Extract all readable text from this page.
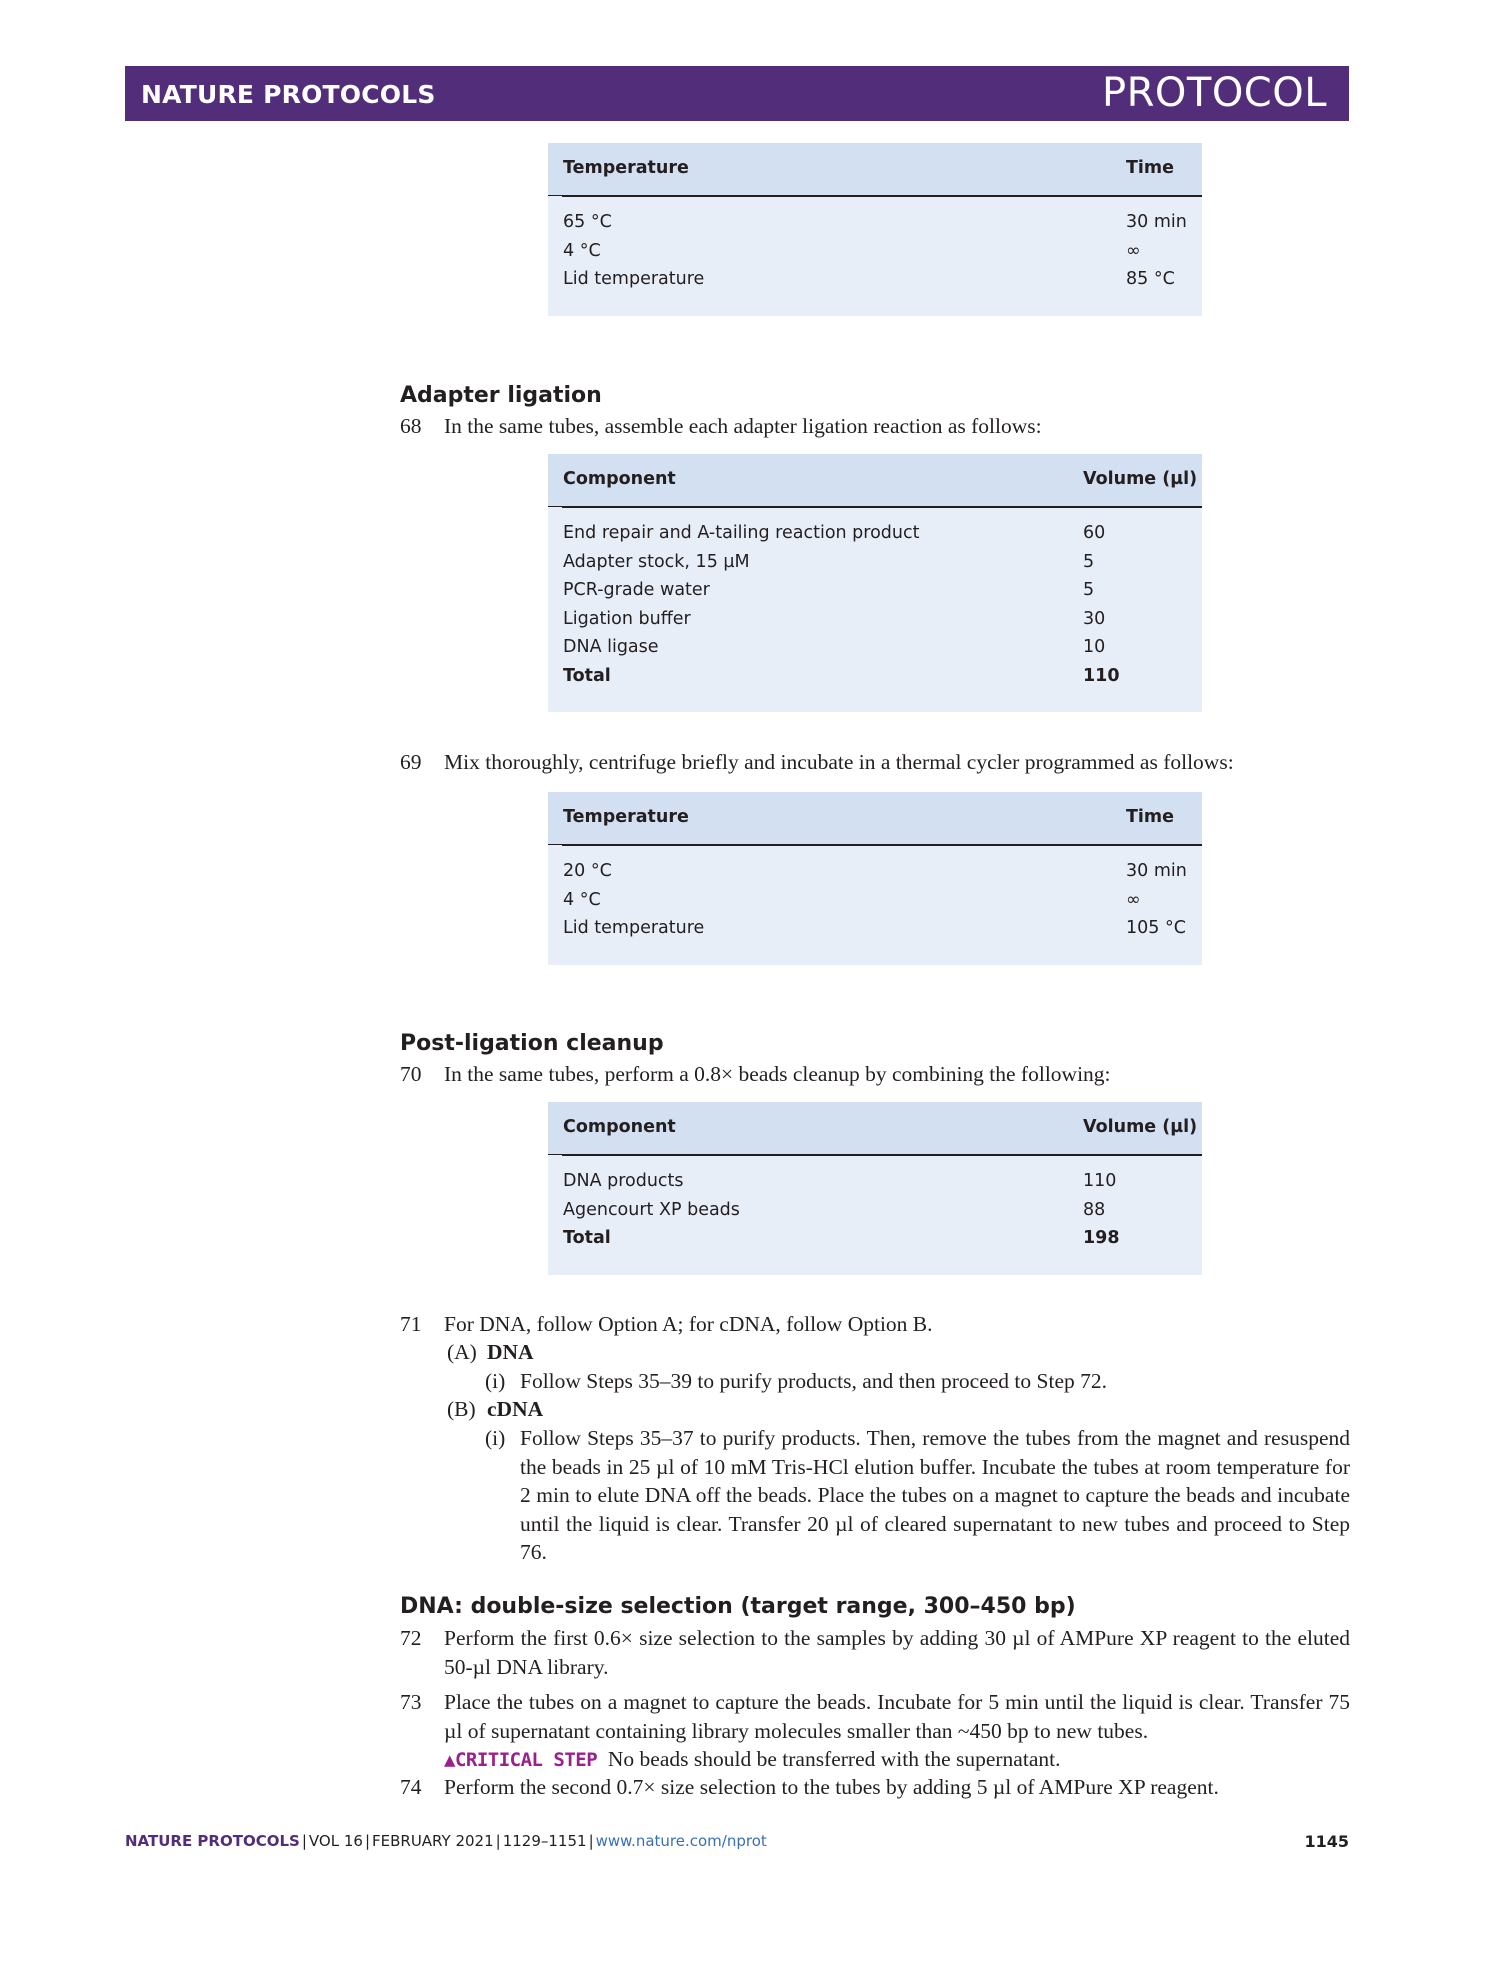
NATURE PROTOCOLS	PROTOCOL
Temperature	Time
65 °C	30 min
4 °C	∞
Lid temperature	85 °C
Adapter ligation
68 In the same tubes, assemble each adapter ligation reaction as follows:
Component	Volume (µl)
End repair and A-tailing reaction product	60
Adapter stock, 15 µM	5
PCR-grade water	5
Ligation buffer	30
DNA ligase	10
Total	110
69 Mix thoroughly, centrifuge briefly and incubate in a thermal cycler programmed as follows:
Temperature	Time
20 °C	30 min
4 °C	∞
Lid temperature	105 °C
Post-ligation cleanup
70 In the same tubes, perform a 0.8× beads cleanup by combining the following:
Component	Volume (µl)
DNA products	110
Agencourt XP beads	88
Total	198
71 For DNA, follow Option A; for cDNA, follow Option B.
(A) DNA
(i) Follow Steps 35–39 to purify products, and then proceed to Step 72.
(B) cDNA
(i) Follow Steps 35–37 to purify products. Then, remove the tubes from the magnet and resuspend the beads in 25 µl of 10 mM Tris-HCl elution buffer. Incubate the tubes at room temperature for 2 min to elute DNA off the beads. Place the tubes on a magnet to capture the beads and incubate until the liquid is clear. Transfer 20 µl of cleared supernatant to new tubes and proceed to Step 76.
DNA: double-size selection (target range, 300–450 bp)
72 Perform the first 0.6× size selection to the samples by adding 30 µl of AMPure XP reagent to the eluted 50-µl DNA library.
73 Place the tubes on a magnet to capture the beads. Incubate for 5 min until the liquid is clear. Transfer 75 µl of supernatant containing library molecules smaller than ~450 bp to new tubes.
▲CRITICAL STEP No beads should be transferred with the supernatant.
74 Perform the second 0.7× size selection to the tubes by adding 5 µl of AMPure XP reagent.
NATURE PROTOCOLS | VOL 16 | FEBRUARY 2021 | 1129–1151 | www.nature.com/nprot	1145
